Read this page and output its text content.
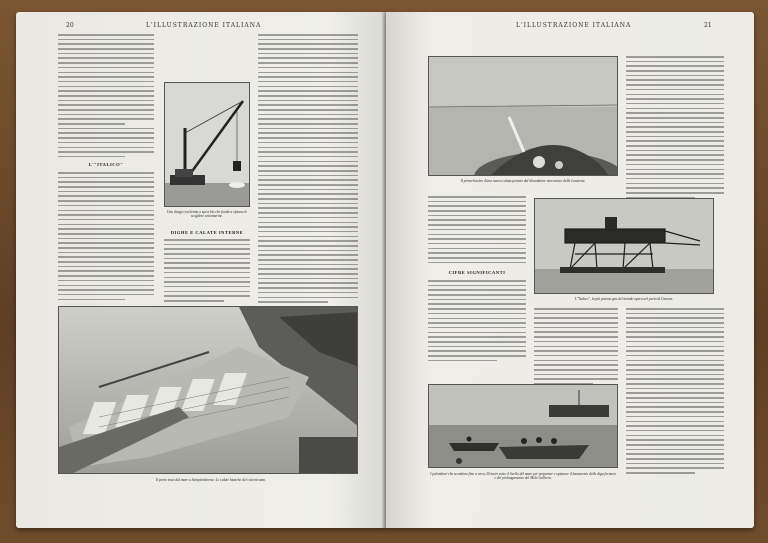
20	L'ILLUSTRAZIONE ITALIANA
L'"ITALICO"
Una draga con benna a specchio che fonda a ripiano le scogliere sottomarine.
DIGHE E CALATE INTERNE
Il porto visto dal mare a Sampierdarena: Le calate bianche del calcestruzzo.
L'ILLUSTRAZIONE ITALIANA	21
Il primo bacino d'una nuova calata portato dal dissodatore meccanico della Lanterna.
CIFRE SIGNIFICANTI
L'"Italico", la più potente gru del mondo opera nel porto di Genova.
I palombari che scendono fino a circa 20 metri sotto il livello del mare per preparare e spianare il basamento della diga foranea e del prolungamento del Molo Galliera.
